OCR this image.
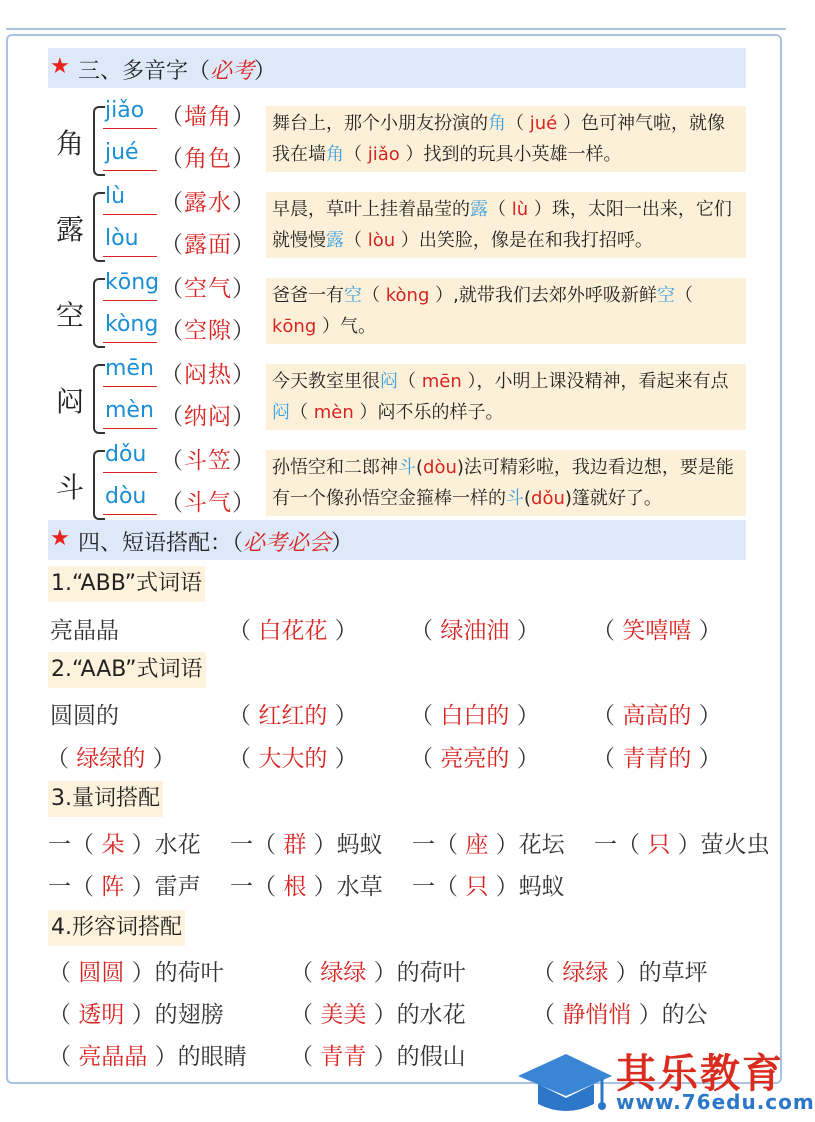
★ 三、多音字（必考）
角
jiǎo （墙角）
jué （角色）
舞台上，那个小朋友扮演的角（ jué ）色可神气啦，就像我在墙角（ jiǎo ）找到的玩具小英雄一样。
露
lù （露水）
lòu （露面）
早晨，草叶上挂着晶莹的露（ lù ）珠，太阳一出来，它们就慢慢露（ lòu ）出笑脸，像是在和我打招呼。
空
kōng （空气）
kòng （空隙）
爸爸一有空（ kòng ）,就带我们去郊外呼吸新鲜空（ kōng ）气。
闷
mēn （闷热）
mèn （纳闷）
今天教室里很闷（ mēn ），小明上课没精神，看起来有点闷（ mèn ）闷不乐的样子。
斗
dǒu （斗笠）
dòu （斗气）
孙悟空和二郎神斗(dòu)法可精彩啦，我边看边想，要是能有一个像孙悟空金箍棒一样的斗(dǒu)篷就好了。
★ 四、短语搭配：（必考必会）
1.“ABB”式词语
亮晶晶	（ 白花花 ） （ 绿油油 ） （ 笑嘻嘻 ）
2.“AAB”式词语
圆圆的	（ 红红的 ） （ 白白的 ） （ 高高的 ）
（ 绿绿的 ） （ 大大的 ） （ 亮亮的 ） （ 青青的 ）
3.量词搭配
一（ 朵 ）水花 一（ 群 ）蚂蚁 一（ 座 ）花坛 一（ 只 ）萤火虫
一（ 阵 ）雷声 一（ 根 ）水草 一（ 只 ）蚂蚁
4.形容词搭配
（ 圆圆 ）的荷叶	（ 绿绿 ）的荷叶	（ 绿绿 ）的草坪
（ 透明 ）的翅膀	（ 美美 ）的水花	（ 静悄悄 ）的公
（ 亮晶晶 ）的眼睛 （ 青青 ）的假山	其乐教育
www.76edu.com
